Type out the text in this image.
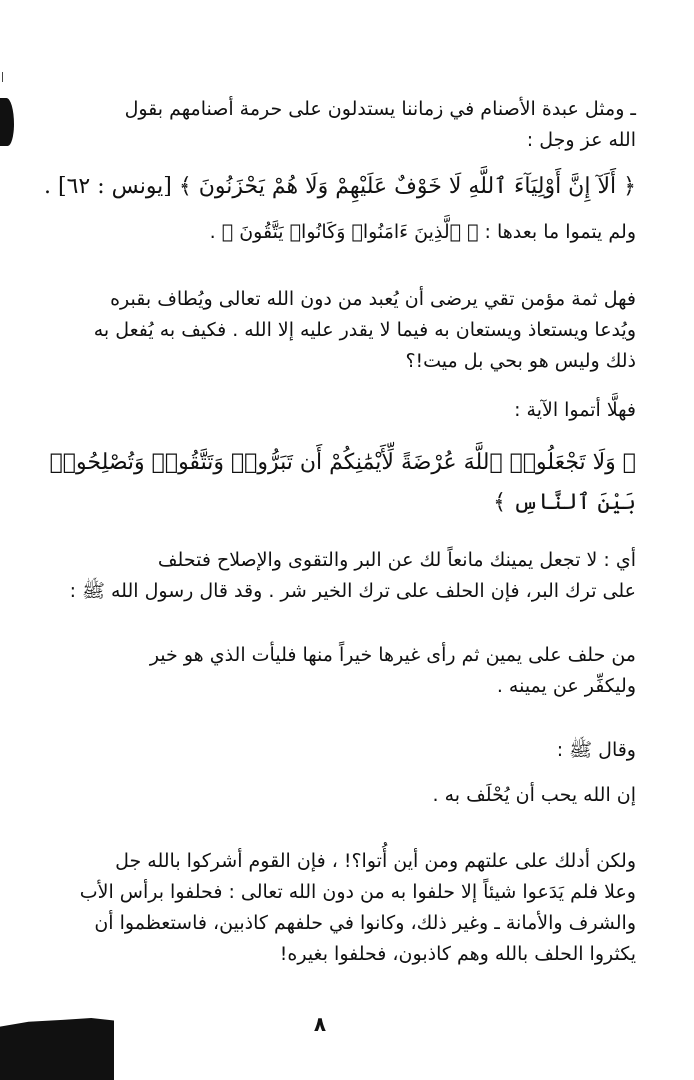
ـ ومثل عبدة الأصنام في زماننا يستدلون على حرمة أصنامهم بقول
الله عز وجل :
﴿ أَلَآ إِنَّ أَوْلِيَآءَ ٱللَّهِ لَا خَوْفٌ عَلَيْهِمْ وَلَا هُمْ يَحْزَنُونَ ﴾ [يونس : ٦٢] .
ولم يتموا ما بعدها : ﴿ ٱلَّذِينَ ءَامَنُوا۟ وَكَانُوا۟ يَتَّقُونَ ﴾ .
فهل ثمة مؤمن تقي يرضى أن يُعبد من دون الله تعالى ويُطاف بقبره
ويُدعا ويستعاذ ويستعان به فيما لا يقدر عليه إلا الله . فكيف به يُفعل به
ذلك وليس هو بحي بل ميت!؟
فهلَّا أتموا الآية :
﴿ وَلَا تَجْعَلُوا۟ ٱللَّهَ عُرْضَةً لِّأَيْمَٰنِكُمْ أَن تَبَرُّوا۟ وَتَتَّقُوا۟ وَتُصْلِحُوا۟
بَيْنَ ٱلنَّاسِ ﴾
أي : لا تجعل يمينك مانعاً لك عن البر والتقوى والإصلاح فتحلف
على ترك البر، فإن الحلف على ترك الخير شر . وقد قال رسول الله ﷺ :
من حلف على يمين ثم رأى غيرها خيراً منها فليأت الذي هو خير
وليكفِّر عن يمينه .
وقال ﷺ :
إن الله يحب أن يُحْلَف به .
ولكن أدلك على علتهم ومن أين أُتوا؟! ، فإن القوم أشركوا بالله جل
وعلا فلم يَدَعوا شيئاً إلا حلفوا به من دون الله تعالى : فحلفوا برأس الأب
والشرف والأمانة ـ وغير ذلك، وكانوا في حلفهم كاذبين، فاستعظموا أن
يكثروا الحلف بالله وهم كاذبون، فحلفوا بغيره!
٨
